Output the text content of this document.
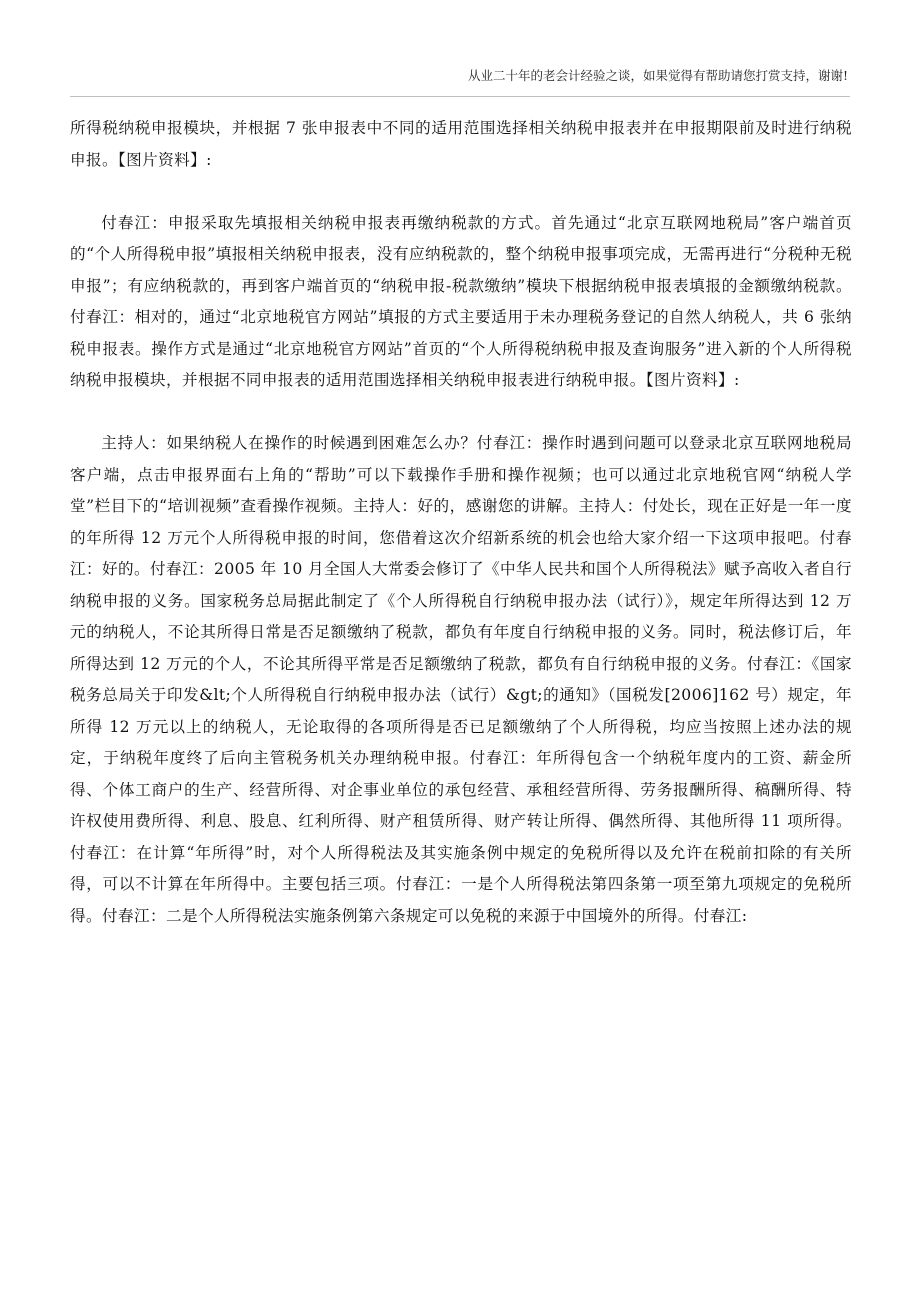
从业二十年的老会计经验之谈，如果觉得有帮助请您打赏支持，谢谢!

所得税纳税申报模块，并根据 7 张申报表中不同的适用范围选择相关纳税申报表并在申报期限前及时进行纳税申报。【图片资料】:

付春江：申报采取先填报相关纳税申报表再缴纳税款的方式。首先通过“北京互联网地税局”客户端首页的“个人所得税申报”填报相关纳税申报表，没有应纳税款的，整个纳税申报事项完成，无需再进行“分税种无税申报”；有应纳税款的，再到客户端首页的“纳税申报-税款缴纳”模块下根据纳税申报表填报的金额缴纳税款。付春江：相对的，通过“北京地税官方网站”填报的方式主要适用于未办理税务登记的自然人纳税人，共 6 张纳税申报表。操作方式是通过“北京地税官方网站”首页的“个人所得税纳税申报及查询服务”进入新的个人所得税纳税申报模块，并根据不同申报表的适用范围选择相关纳税申报表进行纳税申报。【图片资料】:

主持人：如果纳税人在操作的时候遇到困难怎么办？付春江：操作时遇到问题可以登录北京互联网地税局客户端，点击申报界面右上角的“帮助”可以下载操作手册和操作视频；也可以通过北京地税官网“纳税人学堂”栏目下的“培训视频”查看操作视频。主持人：好的，感谢您的讲解。主持人：付处长，现在正好是一年一度的年所得 12 万元个人所得税申报的时间，您借着这次介绍新系统的机会也给大家介绍一下这项申报吧。付春江：好的。付春江：2005 年 10 月全国人大常委会修订了《中华人民共和国个人所得税法》赋予高收入者自行纳税申报的义务。国家税务总局据此制定了《个人所得税自行纳税申报办法（试行）》，规定年所得达到 12 万元的纳税人，不论其所得日常是否足额缴纳了税款，都负有年度自行纳税申报的义务。同时，税法修订后，年所得达到 12 万元的个人，不论其所得平常是否足额缴纳了税款，都负有自行纳税申报的义务。付春江：《国家税务总局关于印发&lt;个人所得税自行纳税申报办法（试行）&gt;的通知》（国税发[2006]162 号）规定，年所得 12 万元以上的纳税人，无论取得的各项所得是否已足额缴纳了个人所得税，均应当按照上述办法的规定，于纳税年度终了后向主管税务机关办理纳税申报。付春江：年所得包含一个纳税年度内的工资、薪金所得、个体工商户的生产、经营所得、对企事业单位的承包经营、承租经营所得、劳务报酬所得、稿酬所得、特许权使用费所得、利息、股息、红利所得、财产租赁所得、财产转让所得、偶然所得、其他所得 11 项所得。付春江：在计算“年所得”时，对个人所得税法及其实施条例中规定的免税所得以及允许在税前扣除的有关所得，可以不计算在年所得中。主要包括三项。付春江：一是个人所得税法第四条第一项至第九项规定的免税所得。付春江：二是个人所得税法实施条例第六条规定可以免税的来源于中国境外的所得。付春江:
